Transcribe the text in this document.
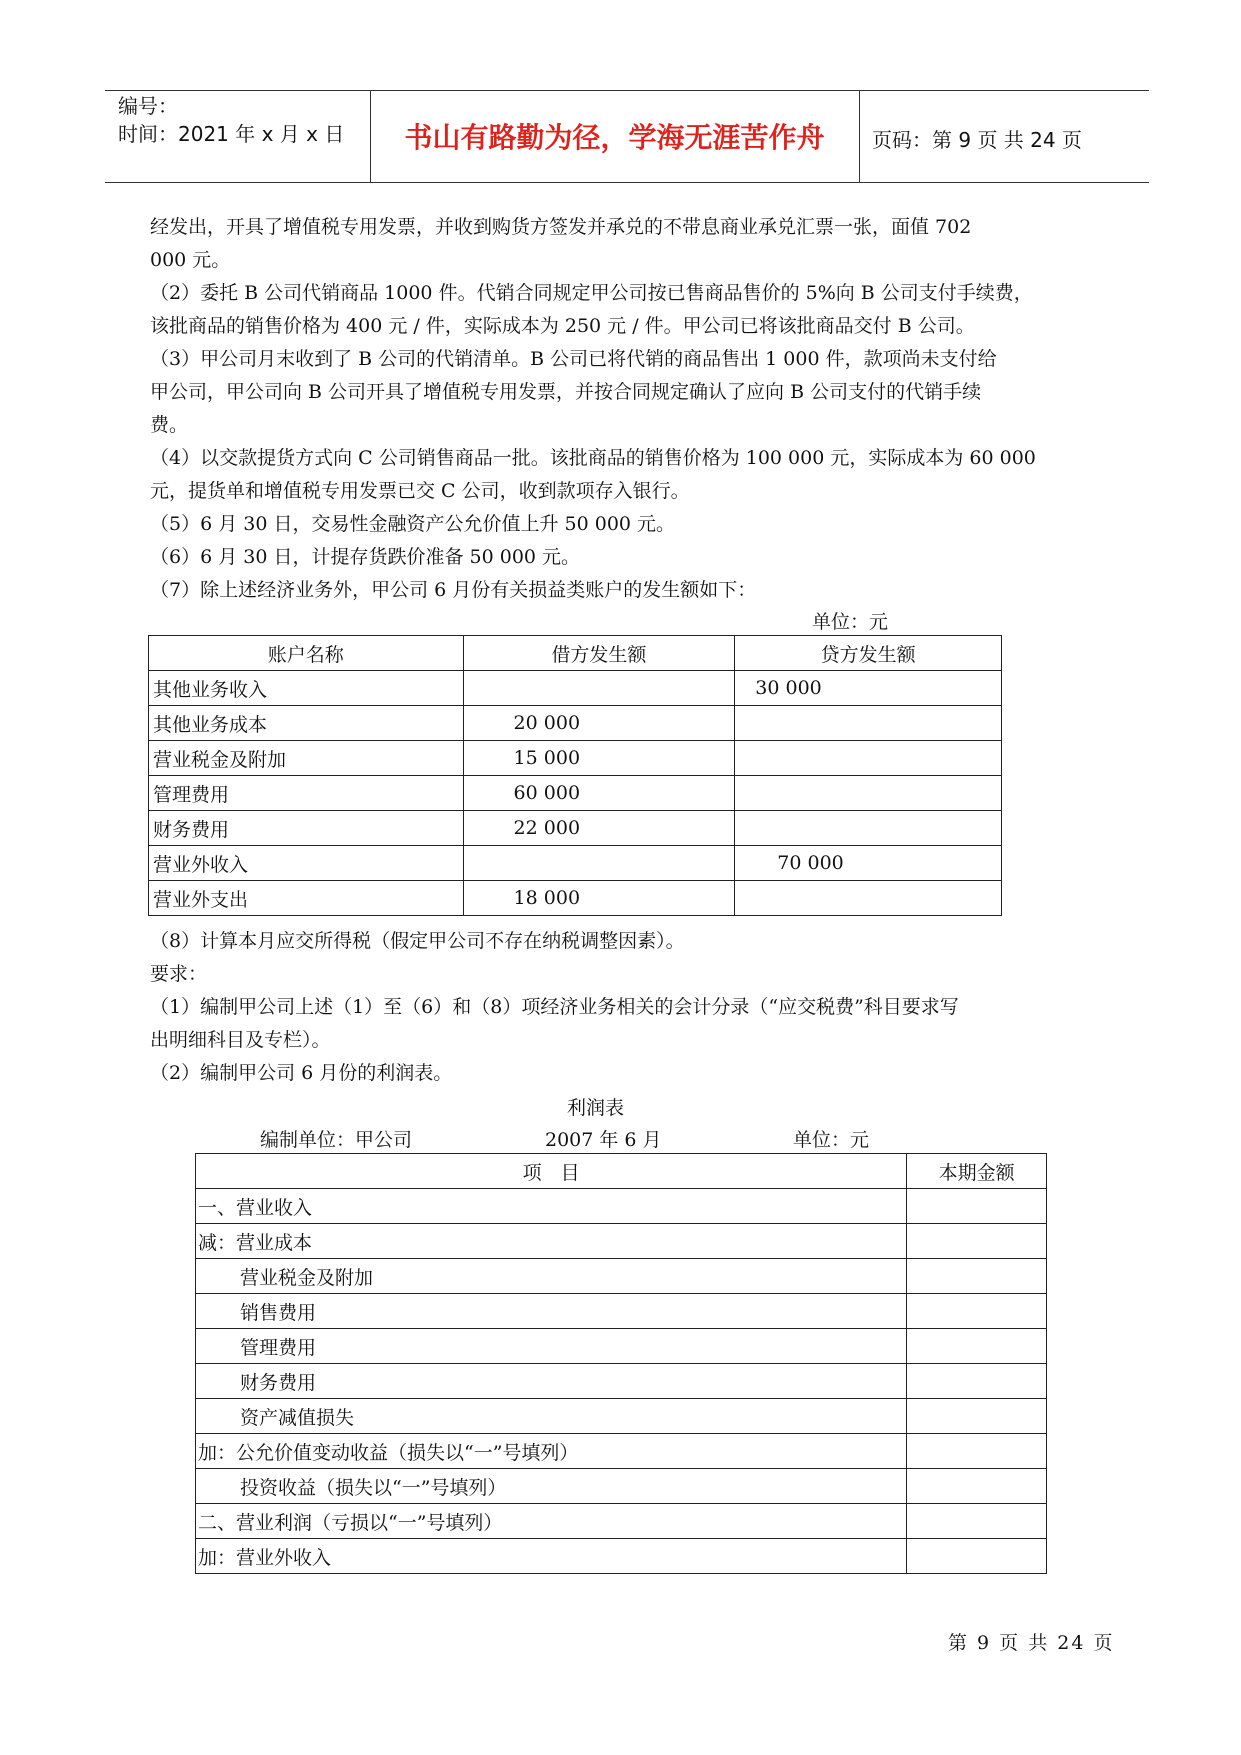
编号：
时间：2021 年 x 月 x 日	书山有路勤为径，学海无涯苦作舟	页码：第 9 页 共 24 页
经发出，开具了增值税专用发票，并收到购货方签发并承兑的不带息商业承兑汇票一张，面值 702
000 元。
（2）委托 B 公司代销商品 1000 件。代销合同规定甲公司按已售商品售价的 5%向 B 公司支付手续费，
该批商品的销售价格为 400 元 / 件，实际成本为 250 元 / 件。甲公司已将该批商品交付 B 公司。
（3）甲公司月末收到了 B 公司的代销清单。B 公司已将代销的商品售出 1 000 件，款项尚未支付给
甲公司，甲公司向 B 公司开具了增值税专用发票，并按合同规定确认了应向 B 公司支付的代销手续
费。
（4）以交款提货方式向 C 公司销售商品一批。该批商品的销售价格为 100 000 元，实际成本为 60 000
元，提货单和增值税专用发票已交 C 公司，收到款项存入银行。
（5）6 月 30 日，交易性金融资产公允价值上升 50 000 元。
（6）6 月 30 日，计提存货跌价准备 50 000 元。
（7）除上述经济业务外，甲公司 6 月份有关损益类账户的发生额如下：
单位：元
账户名称	借方发生额	贷方发生额
其他业务收入		30 000
其他业务成本	20 000	
营业税金及附加	15 000	
管理费用	60 000	
财务费用	22 000	
营业外收入		70 000
营业外支出	18 000	
（8）计算本月应交所得税（假定甲公司不存在纳税调整因素）。
要求：
（1）编制甲公司上述（1）至（6）和（8）项经济业务相关的会计分录（“应交税费”科目要求写
出明细科目及专栏）。
（2）编制甲公司 6 月份的利润表。
利润表
编制单位：甲公司	2007 年 6 月	单位：元
项　目	本期金额
一、营业收入	
减：营业成本	
营业税金及附加	
销售费用	
管理费用	
财务费用	
资产减值损失	
加：公允价值变动收益（损失以“一”号填列）	
投资收益（损失以“一”号填列）	
二、营业利润（亏损以“一”号填列）	
加：营业外收入	
第 9 页 共 24 页
